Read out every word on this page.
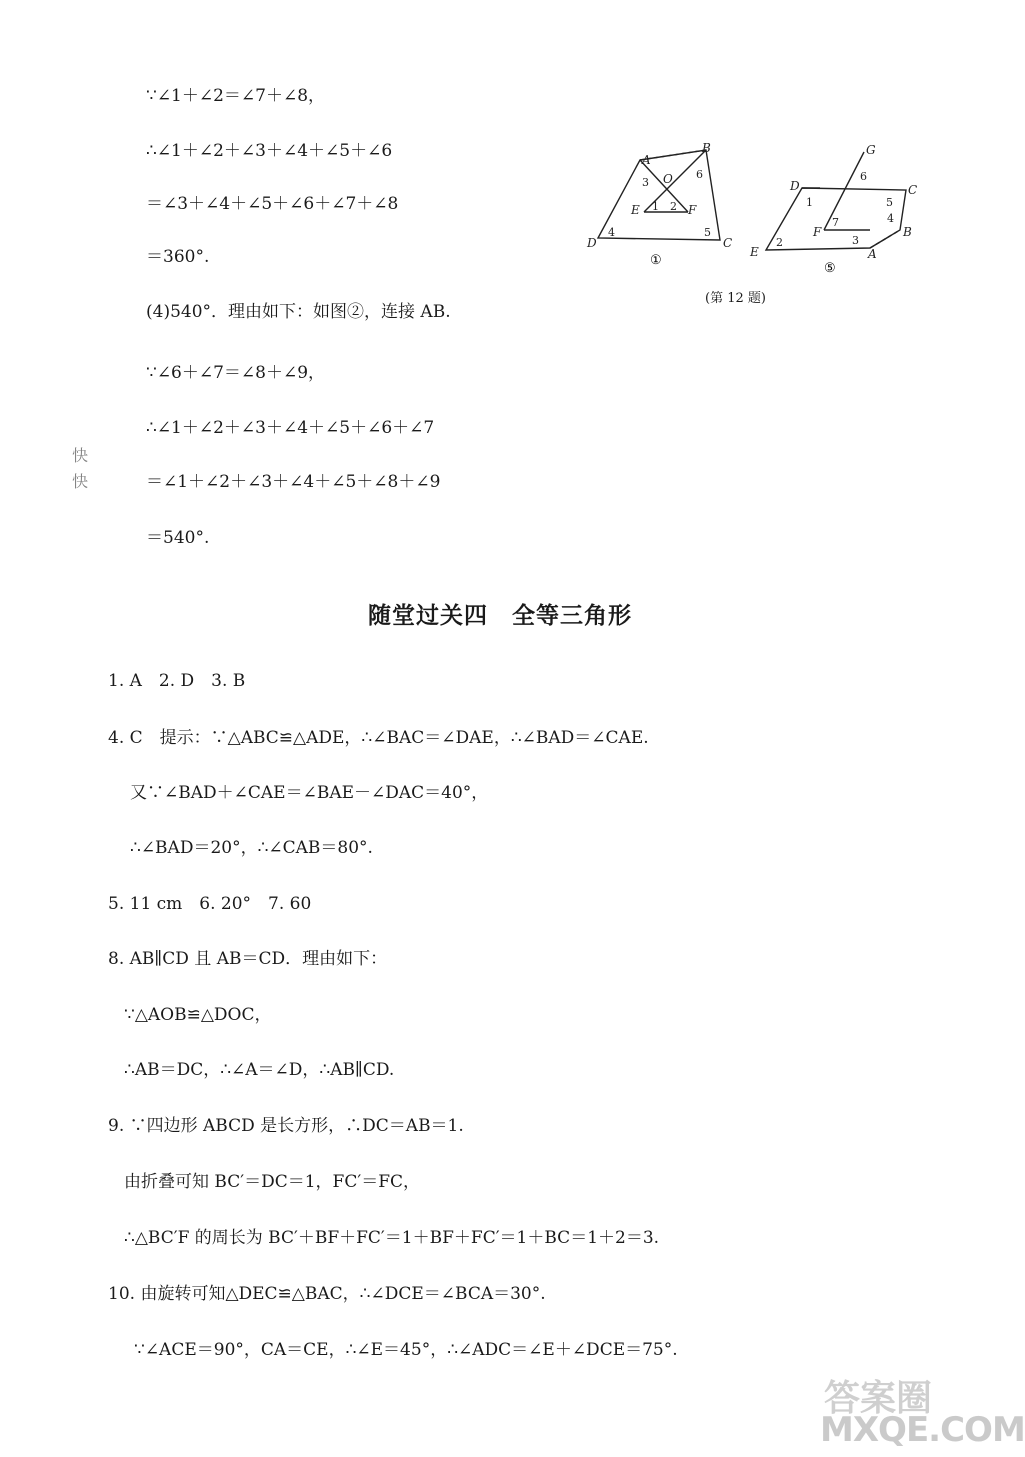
∵∠1＋∠2＝∠7＋∠8，
∴∠1＋∠2＋∠3＋∠4＋∠5＋∠6
＝∠3＋∠4＋∠5＋∠6＋∠7＋∠8
＝360°.
(4)540°．理由如下：如图②，连接 AB.
∵∠6＋∠7＝∠8＋∠9，
∴∠1＋∠2＋∠3＋∠4＋∠5＋∠6＋∠7
＝∠1＋∠2＋∠3＋∠4＋∠5＋∠8＋∠9
＝540°.
快
快
A
B
D	C
O
E	F
1 2
3
4	5
6
①
G
D	C
B
E
F
A
1
2	3
4
5
6
7
⑤
(第 12 题)
随堂过关四　全等三角形
1. A　2. D　3. B
4. C　提示：∵△ABC≌△ADE，∴∠BAC＝∠DAE，∴∠BAD＝∠CAE.
又∵∠BAD＋∠CAE＝∠BAE－∠DAC＝40°，
∴∠BAD＝20°，∴∠CAB＝80°.
5. 11 cm　6. 20°　7. 60
8. AB∥CD 且 AB＝CD．理由如下：
∵△AOB≌△DOC，
∴AB＝DC，∴∠A＝∠D，∴AB∥CD.
9. ∵四边形 ABCD 是长方形，∴DC＝AB＝1.
由折叠可知 BC′＝DC＝1，FC′＝FC，
∴△BC′F 的周长为 BC′＋BF＋FC′＝1＋BF＋FC′＝1＋BC＝1＋2＝3.
10. 由旋转可知△DEC≌△BAC，∴∠DCE＝∠BCA＝30°.
∵∠ACE＝90°，CA＝CE，∴∠E＝45°，∴∠ADC＝∠E＋∠DCE＝75°.
答案圈
MXQE.COM
